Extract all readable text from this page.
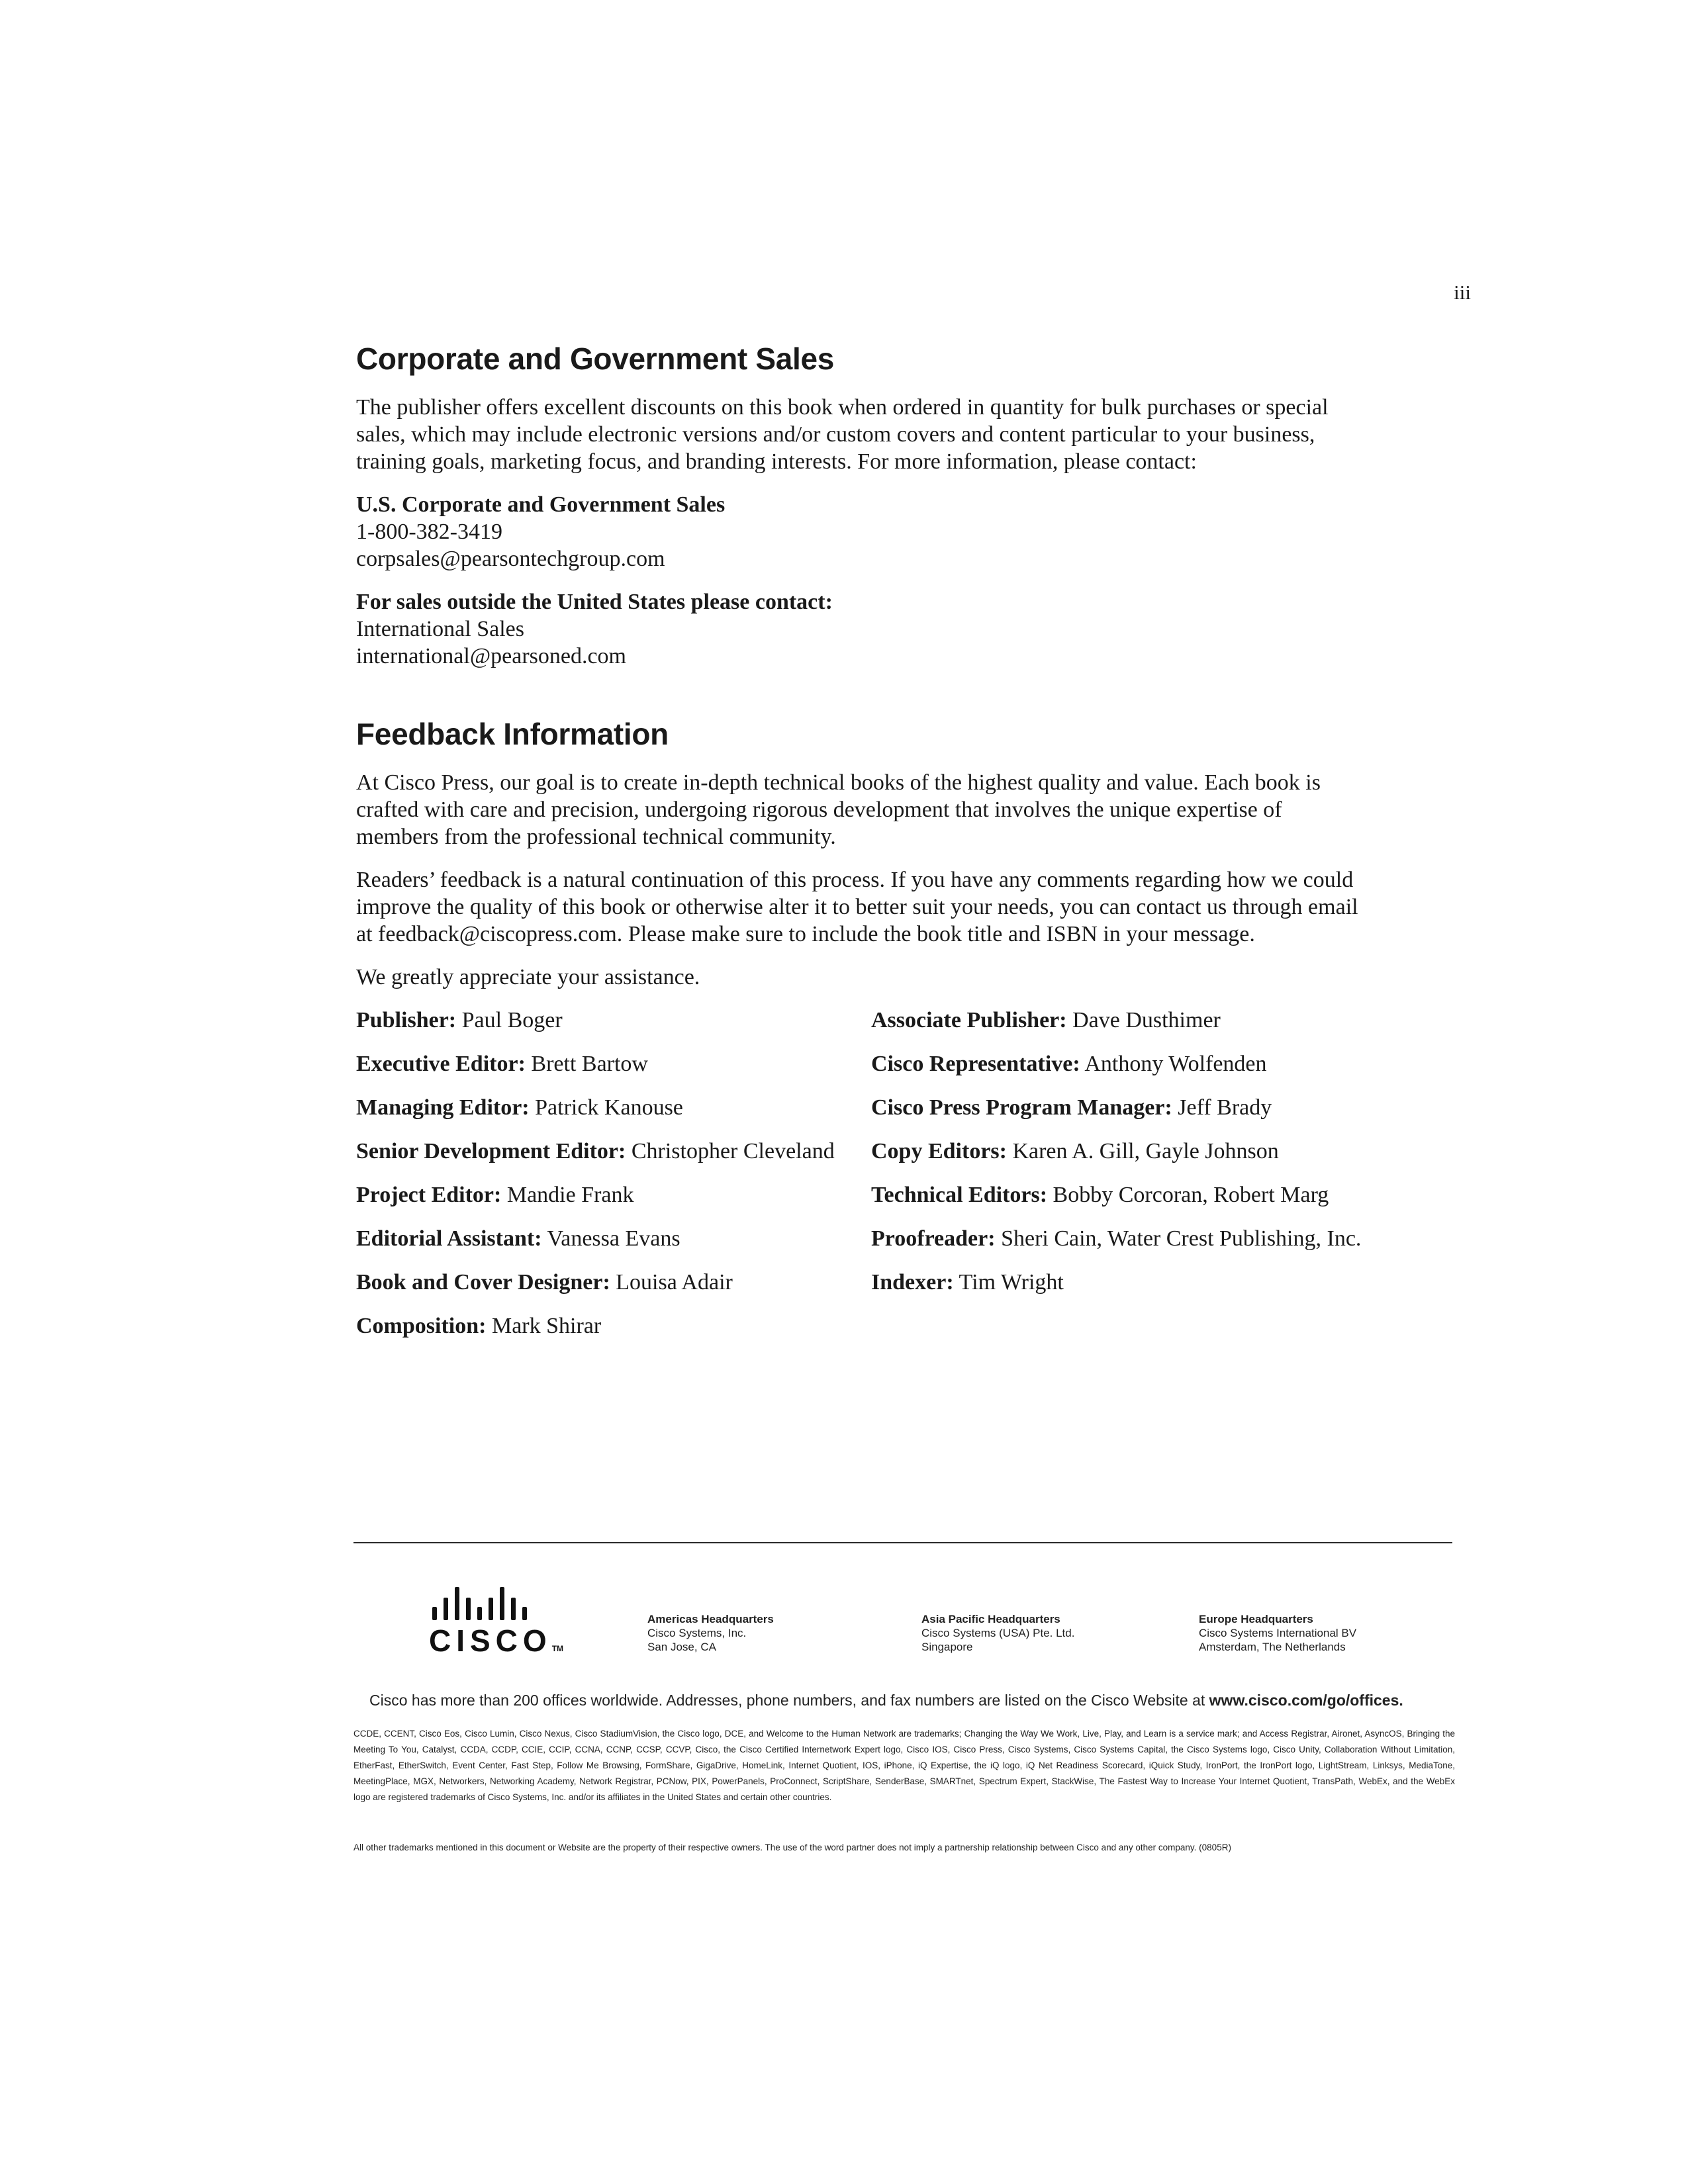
iii
Corporate and Government Sales

The publisher offers excellent discounts on this book when ordered in quantity for bulk purchases or special sales, which may include electronic versions and/or custom covers and content particular to your business, training goals, marketing focus, and branding interests. For more information, please contact:

U.S. Corporate and Government Sales
1-800-382-3419
corpsales@pearsontechgroup.com
For sales outside the United States please contact:
International Sales
international@pearsoned.com
Feedback Information

At Cisco Press, our goal is to create in-depth technical books of the highest quality and value. Each book is crafted with care and precision, undergoing rigorous development that involves the unique expertise of members from the professional technical community.

Readers’ feedback is a natural continuation of this process. If you have any comments regarding how we could improve the quality of this book or otherwise alter it to better suit your needs, you can contact us through email at feedback@ciscopress.com. Please make sure to include the book title and ISBN in your message.

We greatly appreciate your assistance.

Publisher: Paul Boger	Associate Publisher: Dave Dusthimer
Executive Editor: Brett Bartow	Cisco Representative: Anthony Wolfenden
Managing Editor: Patrick Kanouse	Cisco Press Program Manager: Jeff Brady
Senior Development Editor: Christopher Cleveland	Copy Editors: Karen A. Gill, Gayle Johnson
Project Editor: Mandie Frank	Technical Editors: Bobby Corcoran, Robert Marg
Editorial Assistant: Vanessa Evans	Proofreader: Sheri Cain, Water Crest Publishing, Inc.
Book and Cover Designer: Louisa Adair	Indexer: Tim Wright
Composition: Mark Shirar
CISCOTM
Americas Headquarters
Cisco Systems, Inc.
San Jose, CA
Asia Pacific Headquarters
Cisco Systems (USA) Pte. Ltd.
Singapore
Europe Headquarters
Cisco Systems International BV
Amsterdam, The Netherlands
Cisco has more than 200 offices worldwide. Addresses, phone numbers, and fax numbers are listed on the Cisco Website at www.cisco.com/go/offices.
CCDE, CCENT, Cisco Eos, Cisco Lumin, Cisco Nexus, Cisco StadiumVision, the Cisco logo, DCE, and Welcome to the Human Network are trademarks; Changing the Way We Work, Live, Play, and Learn is a service mark; and Access Registrar, Aironet, AsyncOS, Bringing the Meeting To You, Catalyst, CCDA, CCDP, CCIE, CCIP, CCNA, CCNP, CCSP, CCVP, Cisco, the Cisco Certified Internetwork Expert logo, Cisco IOS, Cisco Press, Cisco Systems, Cisco Systems Capital, the Cisco Systems logo, Cisco Unity, Collaboration Without Limitation, EtherFast, EtherSwitch, Event Center, Fast Step, Follow Me Browsing, FormShare, GigaDrive, HomeLink, Internet Quotient, IOS, iPhone, iQ Expertise, the iQ logo, iQ Net Readiness Scorecard, iQuick Study, IronPort, the IronPort logo, LightStream, Linksys, MediaTone, MeetingPlace, MGX, Networkers, Networking Academy, Network Registrar, PCNow, PIX, PowerPanels, ProConnect, ScriptShare, SenderBase, SMARTnet, Spectrum Expert, StackWise, The Fastest Way to Increase Your Internet Quotient, TransPath, WebEx, and the WebEx logo are registered trademarks of Cisco Systems, Inc. and/or its affiliates in the United States and certain other countries.
All other trademarks mentioned in this document or Website are the property of their respective owners. The use of the word partner does not imply a partnership relationship between Cisco and any other company. (0805R)
